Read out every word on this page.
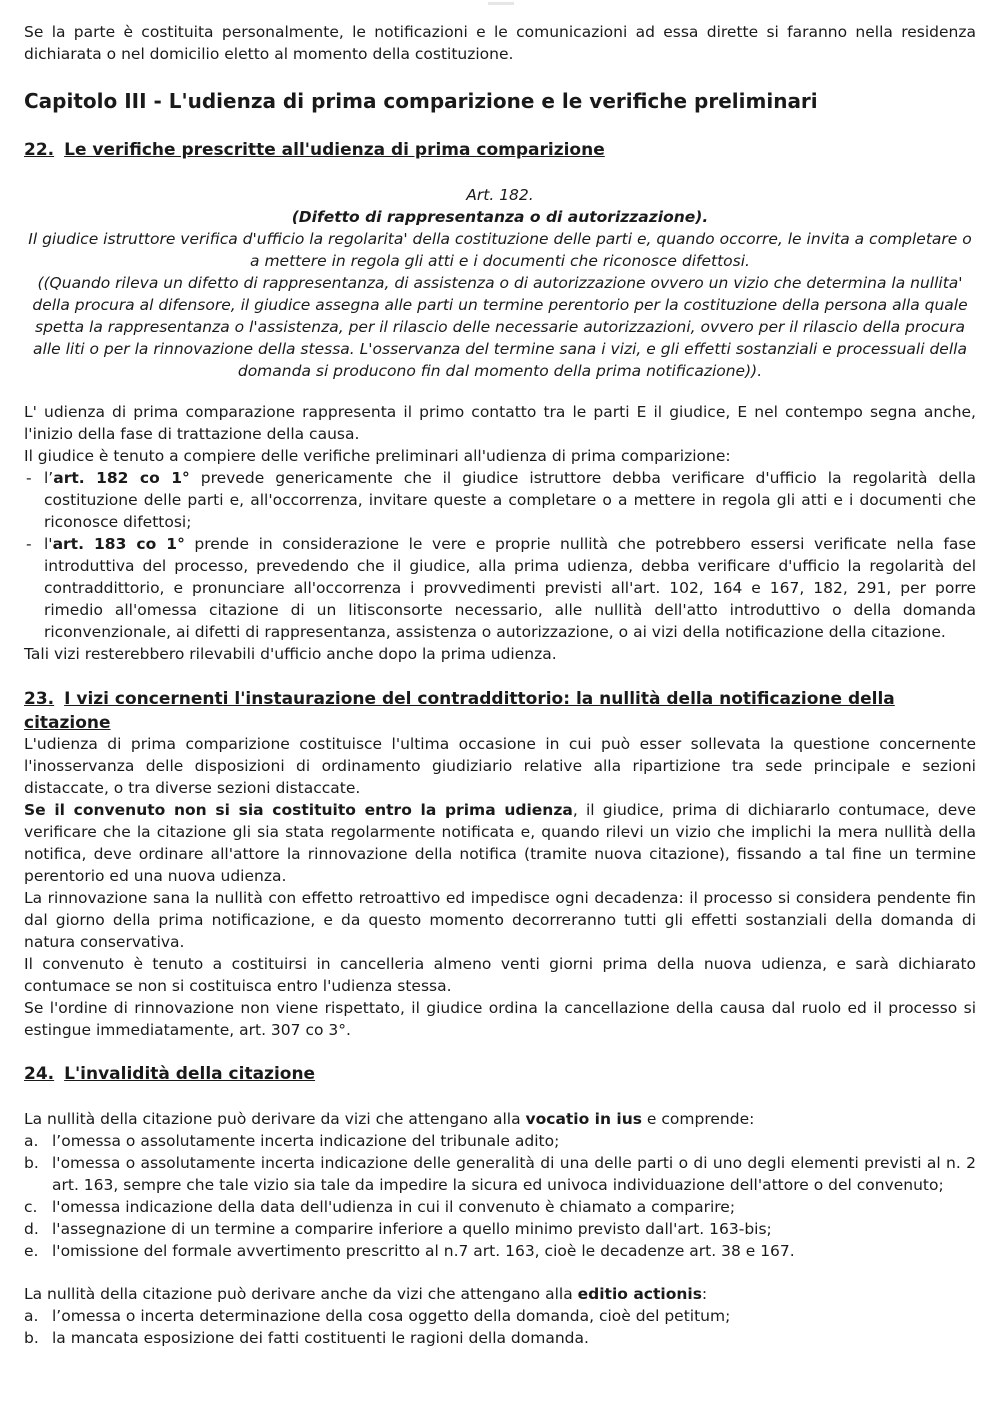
Se la parte è costituita personalmente, le notificazioni e le comunicazioni ad essa dirette si faranno nella residenza dichiarata o nel domicilio eletto al momento della costituzione.

Capitolo III - L'udienza di prima comparizione e le verifiche preliminari
22. Le verifiche prescritte all'udienza di prima comparizione
Art. 182.
(Difetto di rappresentanza o di autorizzazione).
Il giudice istruttore verifica d'ufficio la regolarita' della costituzione delle parti e, quando occorre, le invita a completare o a mettere in regola gli atti e i documenti che riconosce difettosi.
((Quando rileva un difetto di rappresentanza, di assistenza o di autorizzazione ovvero un vizio che determina la nullita' della procura al difensore, il giudice assegna alle parti un termine perentorio per la costituzione della persona alla quale spetta la rappresentanza o l'assistenza, per il rilascio delle necessarie autorizzazioni, ovvero per il rilascio della procura alle liti o per la rinnovazione della stessa. L'osservanza del termine sana i vizi, e gli effetti sostanziali e processuali della domanda si producono fin dal momento della prima notificazione)).

L' udienza di prima comparazione rappresenta il primo contatto tra le parti E il giudice, E nel contempo segna anche, l'inizio della fase di trattazione della causa.

Il giudice è tenuto a compiere delle verifiche preliminari all'udienza di prima comparizione:

- l’art. 182 co 1° prevede genericamente che il giudice istruttore debba verificare d'ufficio la regolarità della costituzione delle parti e, all'occorrenza, invitare queste a completare o a mettere in regola gli atti e i documenti che riconosce difettosi;
- l'art. 183 co 1° prende in considerazione le vere e proprie nullità che potrebbero essersi verificate nella fase introduttiva del processo, prevedendo che il giudice, alla prima udienza, debba verificare d'ufficio la regolarità del contraddittorio, e pronunciare all'occorrenza i provvedimenti previsti all'art. 102, 164 e 167, 182, 291, per porre rimedio all'omessa citazione di un litisconsorte necessario, alle nullità dell'atto introduttivo o della domanda riconvenzionale, ai difetti di rappresentanza, assistenza o autorizzazione, o ai vizi della notificazione della citazione.

Tali vizi resterebbero rilevabili d'ufficio anche dopo la prima udienza.

23. I vizi concernenti l'instaurazione del contraddittorio: la nullità della notificazione della citazione

L'udienza di prima comparizione costituisce l'ultima occasione in cui può esser sollevata la questione concernente l'inosservanza delle disposizioni di ordinamento giudiziario relative alla ripartizione tra sede principale e sezioni distaccate, o tra diverse sezioni distaccate.

Se il convenuto non si sia costituito entro la prima udienza, il giudice, prima di dichiararlo contumace, deve verificare che la citazione gli sia stata regolarmente notificata e, quando rilevi un vizio che implichi la mera nullità della notifica, deve ordinare all'attore la rinnovazione della notifica (tramite nuova citazione), fissando a tal fine un termine perentorio ed una nuova udienza.

La rinnovazione sana la nullità con effetto retroattivo ed impedisce ogni decadenza: il processo si considera pendente fin dal giorno della prima notificazione, e da questo momento decorreranno tutti gli effetti sostanziali della domanda di natura conservativa.

Il convenuto è tenuto a costituirsi in cancelleria almeno venti giorni prima della nuova udienza, e sarà dichiarato contumace se non si costituisca entro l'udienza stessa.

Se l'ordine di rinnovazione non viene rispettato, il giudice ordina la cancellazione della causa dal ruolo ed il processo si estingue immediatamente, art. 307 co 3°.

24. L'invalidità della citazione

La nullità della citazione può derivare da vizi che attengano alla vocatio in ius e comprende:

a. l’omessa o assolutamente incerta indicazione del tribunale adito;
b. l'omessa o assolutamente incerta indicazione delle generalità di una delle parti o di uno degli elementi previsti al n. 2 art. 163, sempre che tale vizio sia tale da impedire la sicura ed univoca individuazione dell'attore o del convenuto;
c. l'omessa indicazione della data dell'udienza in cui il convenuto è chiamato a comparire;
d. l'assegnazione di un termine a comparire inferiore a quello minimo previsto dall'art. 163-bis;
e. l'omissione del formale avvertimento prescritto al n.7 art. 163, cioè le decadenze art. 38 e 167.

La nullità della citazione può derivare anche da vizi che attengano alla editio actionis:

a. l’omessa o incerta determinazione della cosa oggetto della domanda, cioè del petitum;
b. la mancata esposizione dei fatti costituenti le ragioni della domanda.
